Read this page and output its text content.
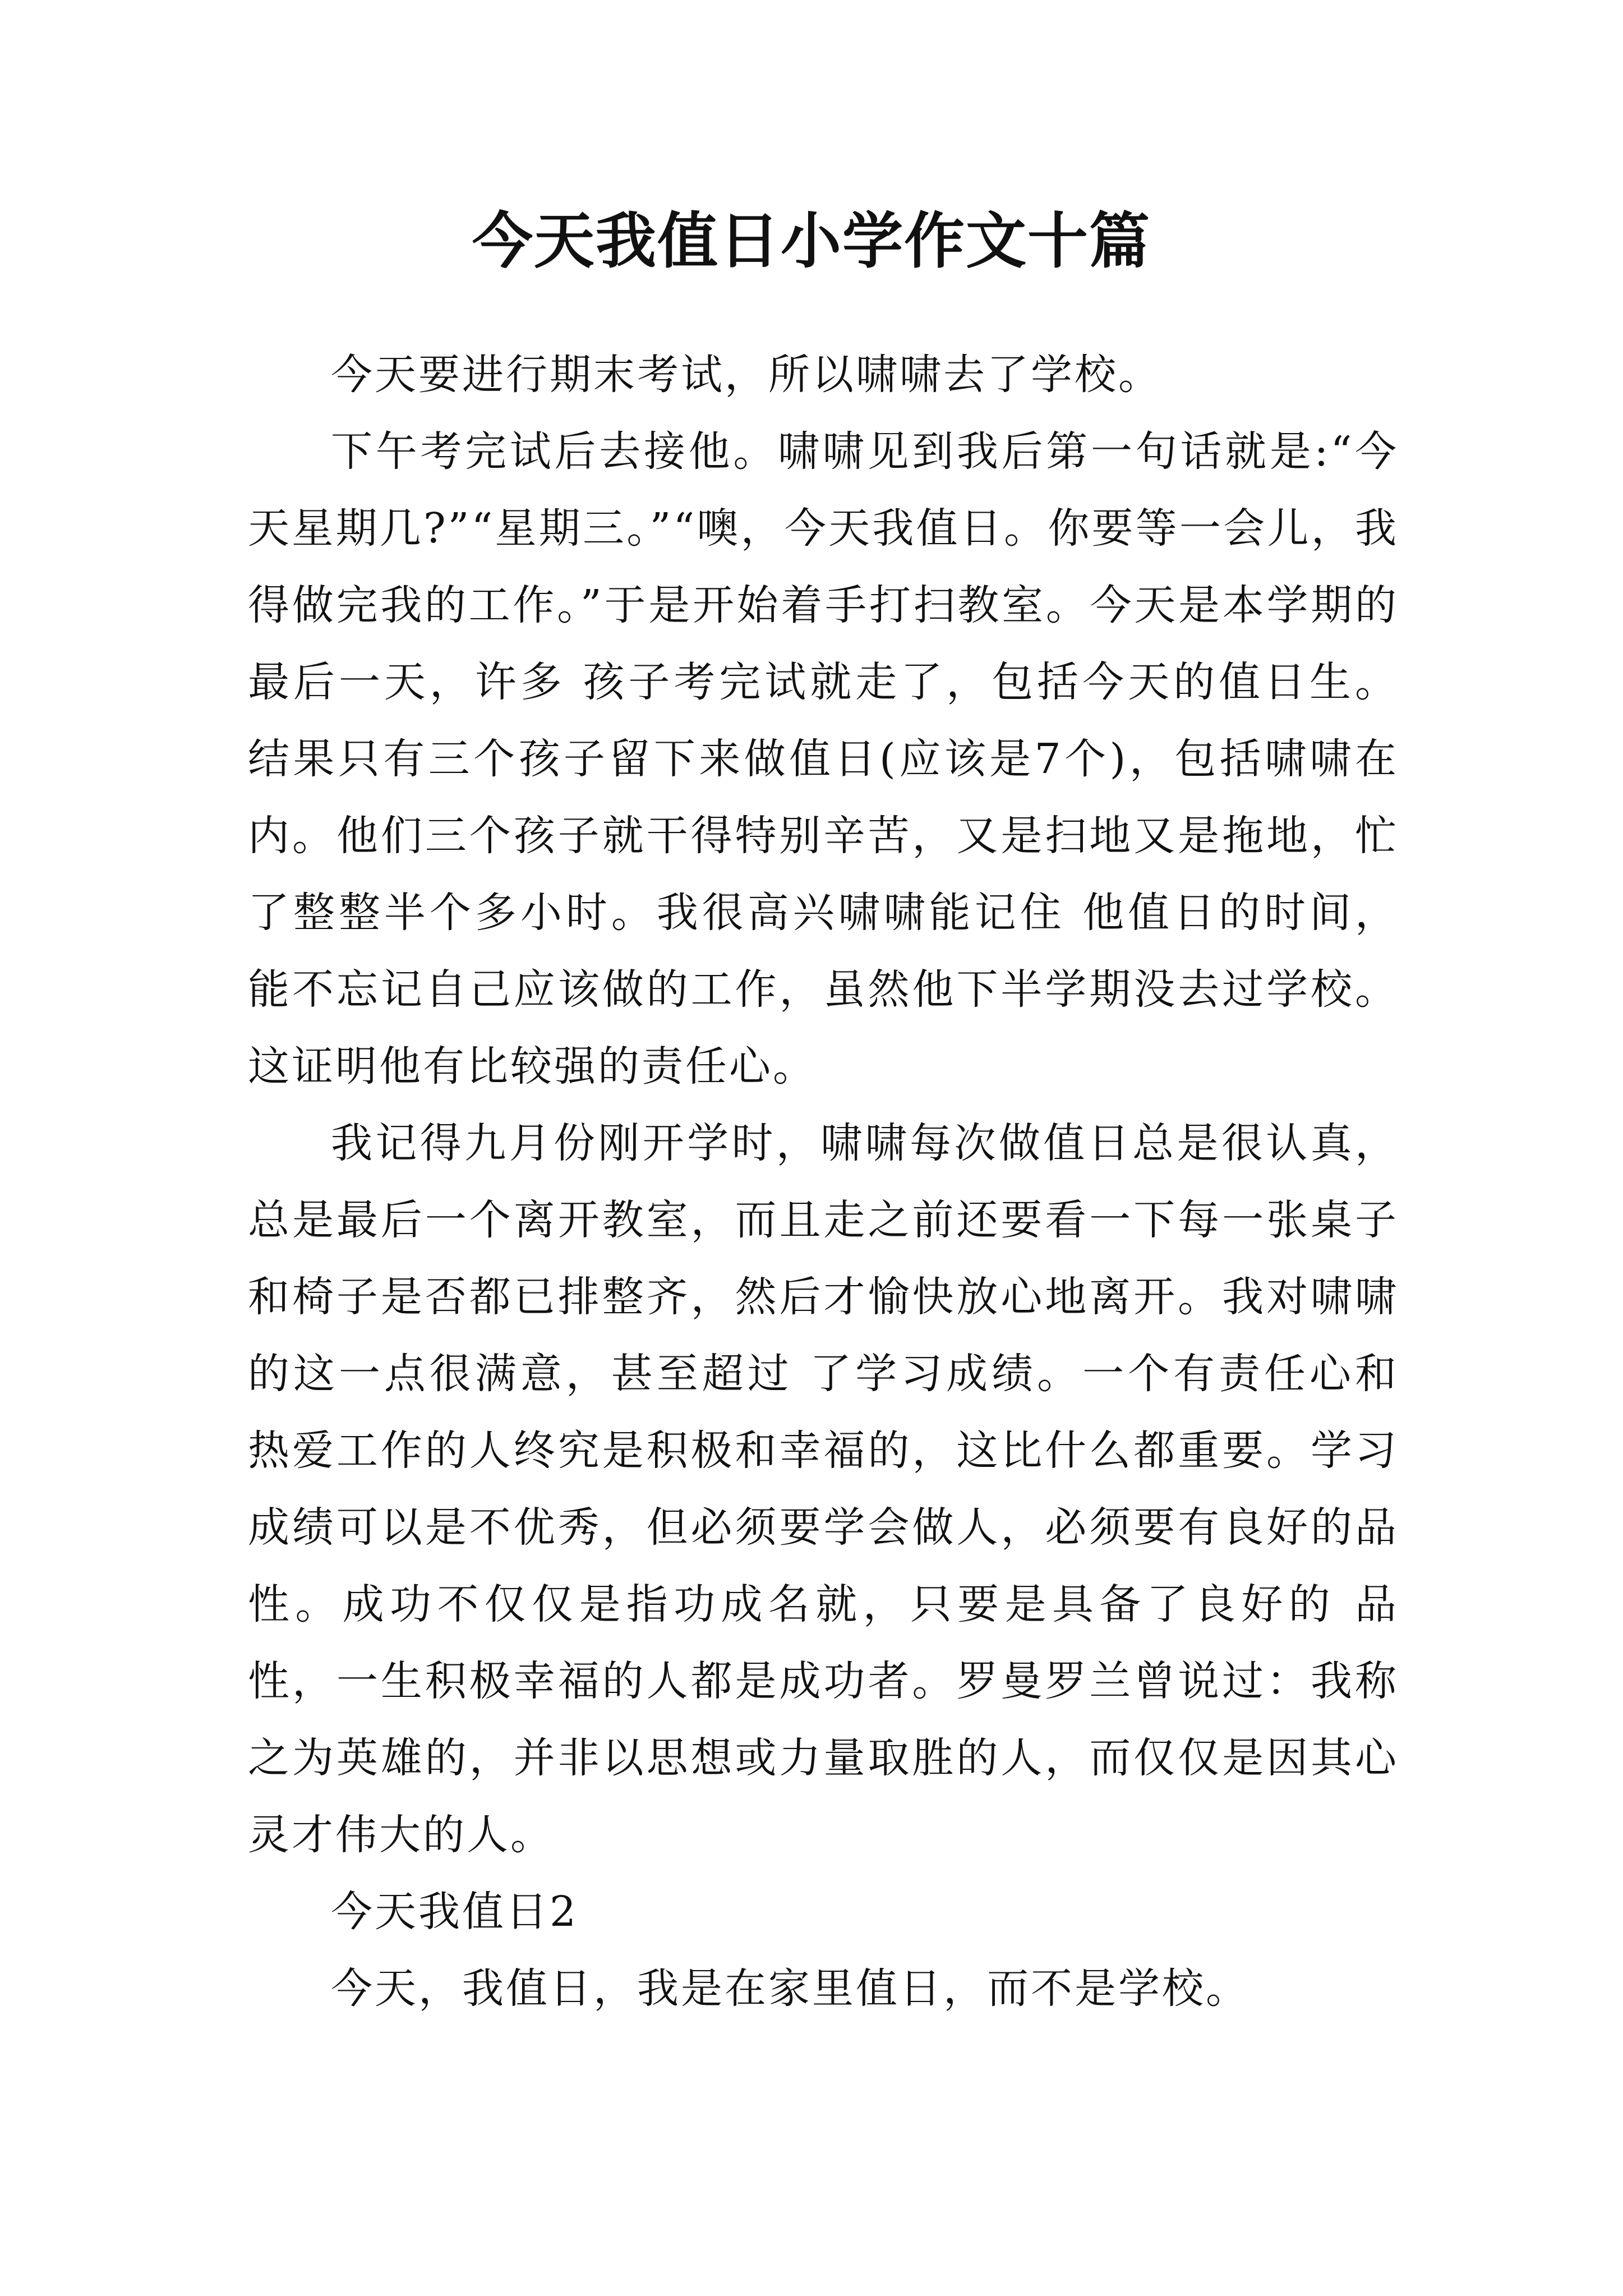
今天我值日小学作文十篇

今天要进行期末考试，所以啸啸去了学校。

下午考完试后去接他。啸啸见到我后第一句话就是:“今天星期几?”“星期三。”“噢，今天我值日。你要等一会儿，我得做完我的工作。”于是开始着手打扫教室。今天是本学期的最后一天，许多 孩子考完试就走了，包括今天的值日生。结果只有三个孩子留下来做值日(应该是7个)，包括啸啸在内。他们三个孩子就干得特别辛苦，又是扫地又是拖地，忙了整整半个多小时。我很高兴啸啸能记住 他值日的时间，能不忘记自己应该做的工作，虽然他下半学期没去过学校。这证明他有比较强的责任心。

我记得九月份刚开学时，啸啸每次做值日总是很认真，总是最后一个离开教室，而且走之前还要看一下每一张桌子和椅子是否都已排整齐，然后才愉快放心地离开。我对啸啸的这一点很满意，甚至超过 了学习成绩。一个有责任心和热爱工作的人终究是积极和幸福的，这比什么都重要。学习成绩可以是不优秀，但必须要学会做人，必须要有良好的品性。成功不仅仅是指功成名就，只要是具备了良好的 品性，一生积极幸福的人都是成功者。罗曼罗兰曾说过：我称之为英雄的，并非以思想或力量取胜的人，而仅仅是因其心灵才伟大的人。

今天我值日2

今天，我值日，我是在家里值日，而不是学校。
